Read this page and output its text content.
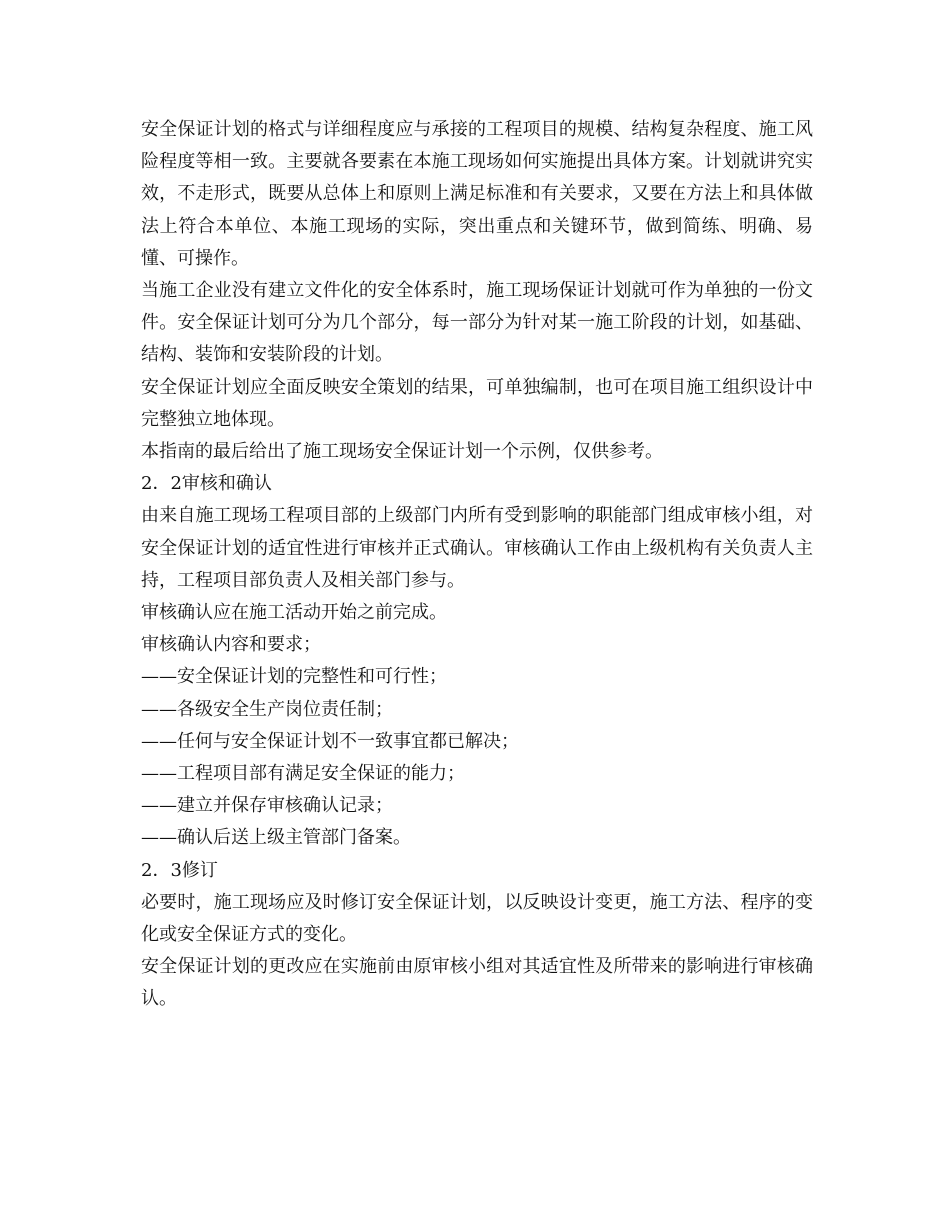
安全保证计划的格式与详细程度应与承接的工程项目的规模、结构复杂程度、施工风险程度等相一致。主要就各要素在本施工现场如何实施提出具体方案。计划就讲究实效，不走形式，既要从总体上和原则上满足标准和有关要求，又要在方法上和具体做法上符合本单位、本施工现场的实际，突出重点和关键环节，做到简练、明确、易懂、可操作。

当施工企业没有建立文件化的安全体系时，施工现场保证计划就可作为单独的一份文件。安全保证计划可分为几个部分，每一部分为针对某一施工阶段的计划，如基础、结构、装饰和安装阶段的计划。

安全保证计划应全面反映安全策划的结果，可单独编制，也可在项目施工组织设计中完整独立地体现。

本指南的最后给出了施工现场安全保证计划一个示例，仅供参考。

2．2审核和确认

由来自施工现场工程项目部的上级部门内所有受到影响的职能部门组成审核小组，对安全保证计划的适宜性进行审核并正式确认。审核确认工作由上级机构有关负责人主持，工程项目部负责人及相关部门参与。

审核确认应在施工活动开始之前完成。

审核确认内容和要求；

——安全保证计划的完整性和可行性；

——各级安全生产岗位责任制；

——任何与安全保证计划不一致事宜都已解决；

——工程项目部有满足安全保证的能力；

——建立并保存审核确认记录；

——确认后送上级主管部门备案。

2．3修订

必要时，施工现场应及时修订安全保证计划，以反映设计变更，施工方法、程序的变化或安全保证方式的变化。

安全保证计划的更改应在实施前由原审核小组对其适宜性及所带来的影响进行审核确认。
